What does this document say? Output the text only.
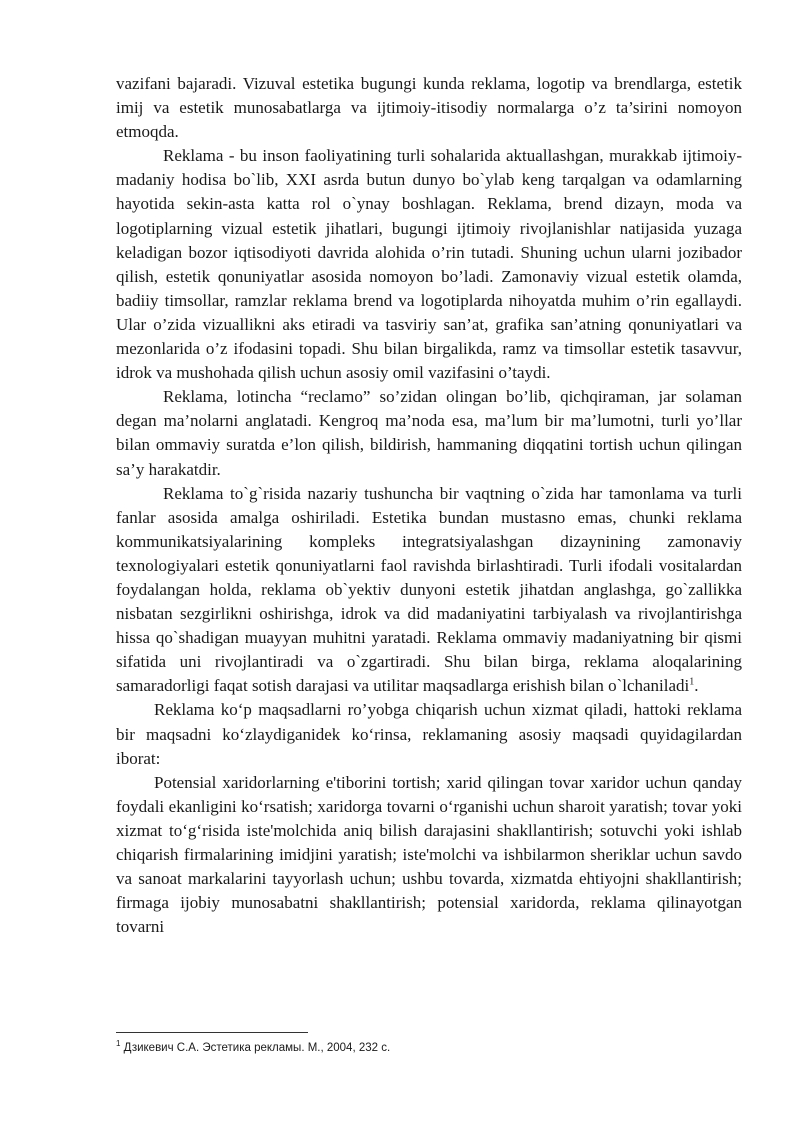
vazifani bajaradi. Vizuval estetika bugungi kunda reklama, logotip va brendlarga, estetik imij va estetik munosabatlarga va ijtimoiy-itisodiy normalarga o’z ta’sirini nomoyon etmoqda.

Reklama - bu inson faoliyatining turli sohalarida aktuallashgan, murakkab ijtimoiy-madaniy hodisa bo`lib, XXI asrda butun dunyo bo`ylab keng tarqalgan va odamlarning hayotida sekin-asta katta rol o`ynay boshlagan. Reklama, brend dizayn, moda va logotiplarning vizual estetik jihatlari, bugungi ijtimoiy rivojlanishlar natijasida yuzaga keladigan bozor iqtisodiyoti davrida alohida o’rin tutadi. Shuning uchun ularni jozibador qilish, estetik qonuniyatlar asosida nomoyon bo’ladi. Zamonaviy vizual estetik olamda, badiiy timsollar, ramzlar reklama brend va logotiplarda nihoyatda muhim o’rin egallaydi. Ular o’zida vizuallikni aks etiradi va tasviriy san’at, grafika san’atning qonuniyatlari va mezonlarida o’z ifodasini topadi. Shu bilan birgalikda, ramz va timsollar estetik tasavvur, idrok va mushohada qilish uchun asosiy omil vazifasini o’taydi.

Reklama, lotincha “reclamo” so’zidan olingan bo’lib, qichqiraman, jar solaman degan ma’nolarni anglatadi. Kengroq ma’noda esa, ma’lum bir ma’lumotni, turli yo’llar bilan ommaviy suratda e’lon qilish, bildirish, hammaning diqqatini tortish uchun qilingan sa’y harakatdir.

Reklama to`g`risida nazariy tushuncha bir vaqtning o`zida har tamonlama va turli fanlar asosida amalga oshiriladi. Estetika bundan mustasno emas, chunki reklama kommunikatsiyalarining kompleks integratsiyalashgan dizaynining zamonaviy texnologiyalari estetik qonuniyatlarni faol ravishda birlashtiradi. Turli ifodali vositalardan foydalangan holda, reklama ob`yektiv dunyoni estetik jihatdan anglashga, go`zallikka nisbatan sezgirlikni oshirishga, idrok va did madaniyatini tarbiyalash va rivojlantirishga hissa qo`shadigan muayyan muhitni yaratadi. Reklama ommaviy madaniyatning bir qismi sifatida uni rivojlantiradi va o`zgartiradi. Shu bilan birga, reklama aloqalarining samaradorligi faqat sotish darajasi va utilitar maqsadlarga erishish bilan o`lchaniladi$^1$.

Reklama ko‘p maqsadlarni ro’yobga chiqarish uchun xizmat qiladi, hattoki reklama bir maqsadni ko‘zlaydiganidek ko‘rinsa, reklamaning asosiy maqsadi quyidagilardan iborat:

Potensial xaridorlarning e'tiborini tortish; xarid qilingan tovar xaridor uchun qanday foydali ekanligini ko‘rsatish; xaridorga tovarni o‘rganishi uchun sharoit yaratish; tovar yoki xizmat to‘g‘risida iste'molchida aniq bilish darajasini shakllantirish; sotuvchi yoki ishlab chiqarish firmalarining imidjini yaratish; iste'molchi va ishbilarmon sheriklar uchun savdo va sanoat markalarini tayyorlash uchun; ushbu tovarda, xizmatda ehtiyojni shakllantirish; firmaga ijobiy munosabatni shakllantirish; potensial xaridorda, reklama qilinayotgan tovarni

$^1$ Дзикевич С.А. Эстетика рекламы. М., 2004, 232 с.
